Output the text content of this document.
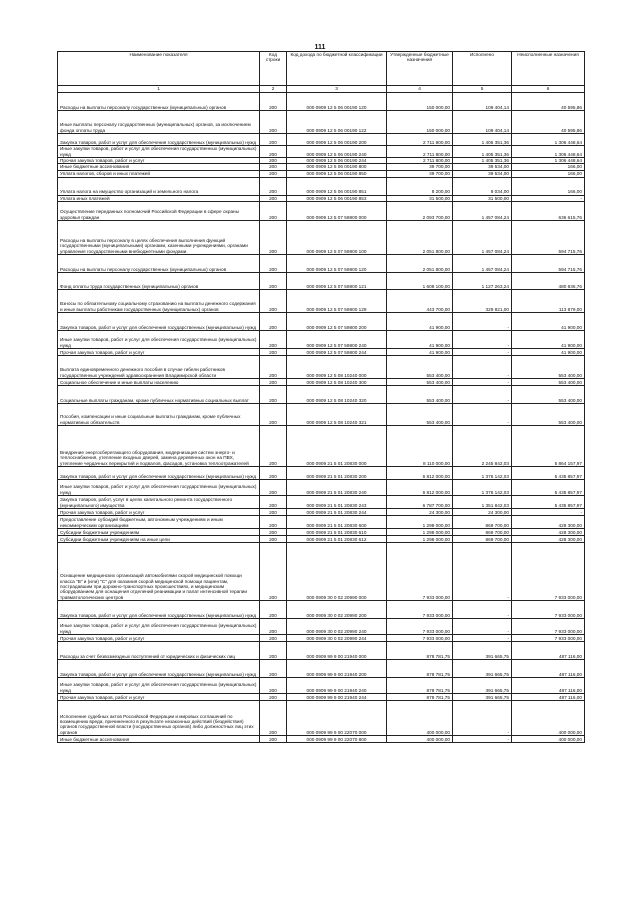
111
Наименование показателя	Код строки	Код дохода по бюджетной классификации	Утвержденные бюджетные назначения	Исполнено	Неисполненные назначения
1	2	3	4	5	6
Расходы на выплаты персоналу государственных (муниципальных) органов	200	000 0909 12 5 06 00190 120	150 000,00	109 404,14	40 595,86
Иные выплаты персоналу государственных (муниципальных) органов, за исключением фонда оплаты труда	200	000 0909 12 5 06 00190 122	150 000,00	109 404,14	40 595,86
Закупка товаров, работ и услуг для обеспечения государственных (муниципальных) нужд	200	000 0909 12 5 06 00190 200	2 711 800,00	1 405 351,36	1 306 448,64
Иные закупки товаров, работ и услуг для обеспечения государственных (муниципальных) нужд	200	000 0909 12 5 06 00190 240	2 711 800,00	1 405 351,36	1 306 448,64
Прочая закупка товаров, работ и услуг	200	000 0909 12 5 06 00190 244	2 711 800,00	1 405 351,36	1 306 448,64
Иные бюджетные ассигнования	200	000 0909 12 5 06 00190 800	39 700,00	39 534,00	166,00
Уплата налогов, сборов и иных платежей	200	000 0909 12 5 06 00190 850	39 700,00	39 534,00	166,00
Уплата налога на имущество организаций и земельного налога	200	000 0909 12 5 06 00190 851	8 200,00	8 034,00	166,00
Уплата иных платежей	200	000 0909 12 5 06 00190 853	31 500,00	31 500,00	-
Осуществление переданных полномочий Российской Федерации в сфере охраны здоровья граждан	200	000 0909 12 5 07 59800 000	2 093 700,00	1 457 084,24	636 615,76
Расходы на выплаты персоналу в целях обеспечения выполнения функций государственными (муниципальными) органами, казенными учреждениями, органами управления государственными внебюджетными фондами	200	000 0909 12 5 07 59800 100	2 051 800,00	1 457 084,24	594 715,76
Расходы на выплаты персоналу государственных (муниципальных) органов	200	000 0909 12 5 07 59800 120	2 051 800,00	1 457 084,24	594 715,76
Фонд оплаты труда государственных (муниципальных) органов	200	000 0909 12 5 07 59800 121	1 608 100,00	1 127 263,24	480 836,76
Взносы по обязательному социальному страхованию на выплаты денежного содержания и иные выплаты работникам государственных (муниципальных) органов	200	000 0909 12 5 07 59800 129	443 700,00	329 821,00	113 879,00
Закупка товаров, работ и услуг для обеспечения государственных (муниципальных) нужд	200	000 0909 12 5 07 59800 200	41 900,00	-	41 900,00
Иные закупки товаров, работ и услуг для обеспечения государственных (муниципальных) нужд	200	000 0909 12 5 07 59800 240	41 900,00	-	41 900,00
Прочая закупка товаров, работ и услуг	200	000 0909 12 5 07 59800 244	41 900,00	-	41 900,00
Выплата единовременного денежного пособия в случае гибели работников государственных учреждений здравоохранения Владимирской области	200	000 0909 12 5 08 10240 000	553 400,00	-	553 400,00
Социальное обеспечение и иные выплаты населению	200	000 0909 12 5 08 10240 300	553 400,00	-	553 400,00
Социальные выплаты гражданам, кроме публичных нормативных социальных выплат	200	000 0909 12 5 08 10240 320	553 400,00	-	553 400,00
Пособия, компенсации и иные социальные выплаты гражданам, кроме публичных нормативных обязательств	200	000 0909 12 5 08 10240 321	553 400,00	-	553 400,00
Внедрение энергосберегающего оборудования, модернизация систем энерго- и теплоснабжения, утепление входных дверей, замена деревянных окон на ПВХ, утепление чердачных перекрытий и подвалов, фасадов, установка теплоотражателей	200	000 0909 21 5 01 20830 000	8 110 000,00	2 245 842,03	5 864 157,97
Закупка товаров, работ и услуг для обеспечения государственных (муниципальных) нужд	200	000 0909 21 5 01 20830 200	6 812 000,00	1 376 142,03	5 435 857,97
Иные закупки товаров, работ и услуг для обеспечения государственных (муниципальных) нужд	200	000 0909 21 5 01 20830 240	6 812 000,00	1 376 142,03	5 435 857,97
Закупка товаров, работ, услуг в целях капитального ремонта государственного (муниципального) имущества	200	000 0909 21 5 01 20830 243	6 787 700,00	1 351 842,03	5 435 857,97
Прочая закупка товаров, работ и услуг	200	000 0909 21 5 01 20830 244	24 300,00	24 300,00	-
Предоставление субсидий бюджетным, автономным учреждениям и иным некоммерческим организациям	200	000 0909 21 5 01 20830 600	1 298 000,00	869 700,00	428 300,00
Субсидии бюджетным учреждениям	200	000 0909 21 5 01 20830 610	1 298 000,00	869 700,00	428 300,00
Субсидии бюджетным учреждениям на иные цели	200	000 0909 21 5 01 20830 612	1 298 000,00	869 700,00	428 300,00
Оснащение медицинских организаций автомобилями скорой медицинской помощи класса "В" и (или) "С" для оказания скорой медицинской помощи пациентам, пострадавшим при дорожно-транспортных происшествиях, и медицинским оборудованием для оснащения отделений реанимации и палат интенсивной терапии травматологических центров	200	000 0909 30 0 02 20990 000	7 933 000,00	-	7 933 000,00
Закупка товаров, работ и услуг для обеспечения государственных (муниципальных) нужд	200	000 0909 30 0 02 20990 200	7 933 000,00	-	7 933 000,00
Иные закупки товаров, работ и услуг для обеспечения государственных (муниципальных) нужд	200	000 0909 30 0 02 20990 240	7 933 000,00	-	7 933 000,00
Прочая закупка товаров, работ и услуг	200	000 0909 30 0 02 20990 244	7 933 000,00	-	7 933 000,00
Расходы за счет безвозмездных поступлений от юридических и физических лиц	200	000 0909 99 9 00 21940 000	878 781,75	391 665,75	487 116,00
Закупка товаров, работ и услуг для обеспечения государственных (муниципальных) нужд	200	000 0909 99 9 00 21940 200	878 781,75	391 665,75	487 116,00
Иные закупки товаров, работ и услуг для обеспечения государственных (муниципальных) нужд	200	000 0909 99 9 00 21940 240	878 781,75	391 665,75	487 116,00
Прочая закупка товаров, работ и услуг	200	000 0909 99 9 00 21940 244	878 781,75	391 665,75	487 116,00
Исполнение судебных актов Российской Федерации и мировых соглашений по возмещению вреда, причиненного в результате незаконных действий (бездействия) органов государственной власти (государственных органов) либо должностных лиц этих органов	200	000 0909 99 9 00 22070 000	400 000,00	-	400 000,00
Иные бюджетные ассигнования	200	000 0909 99 9 00 22070 800	400 000,00	-	400 000,00
